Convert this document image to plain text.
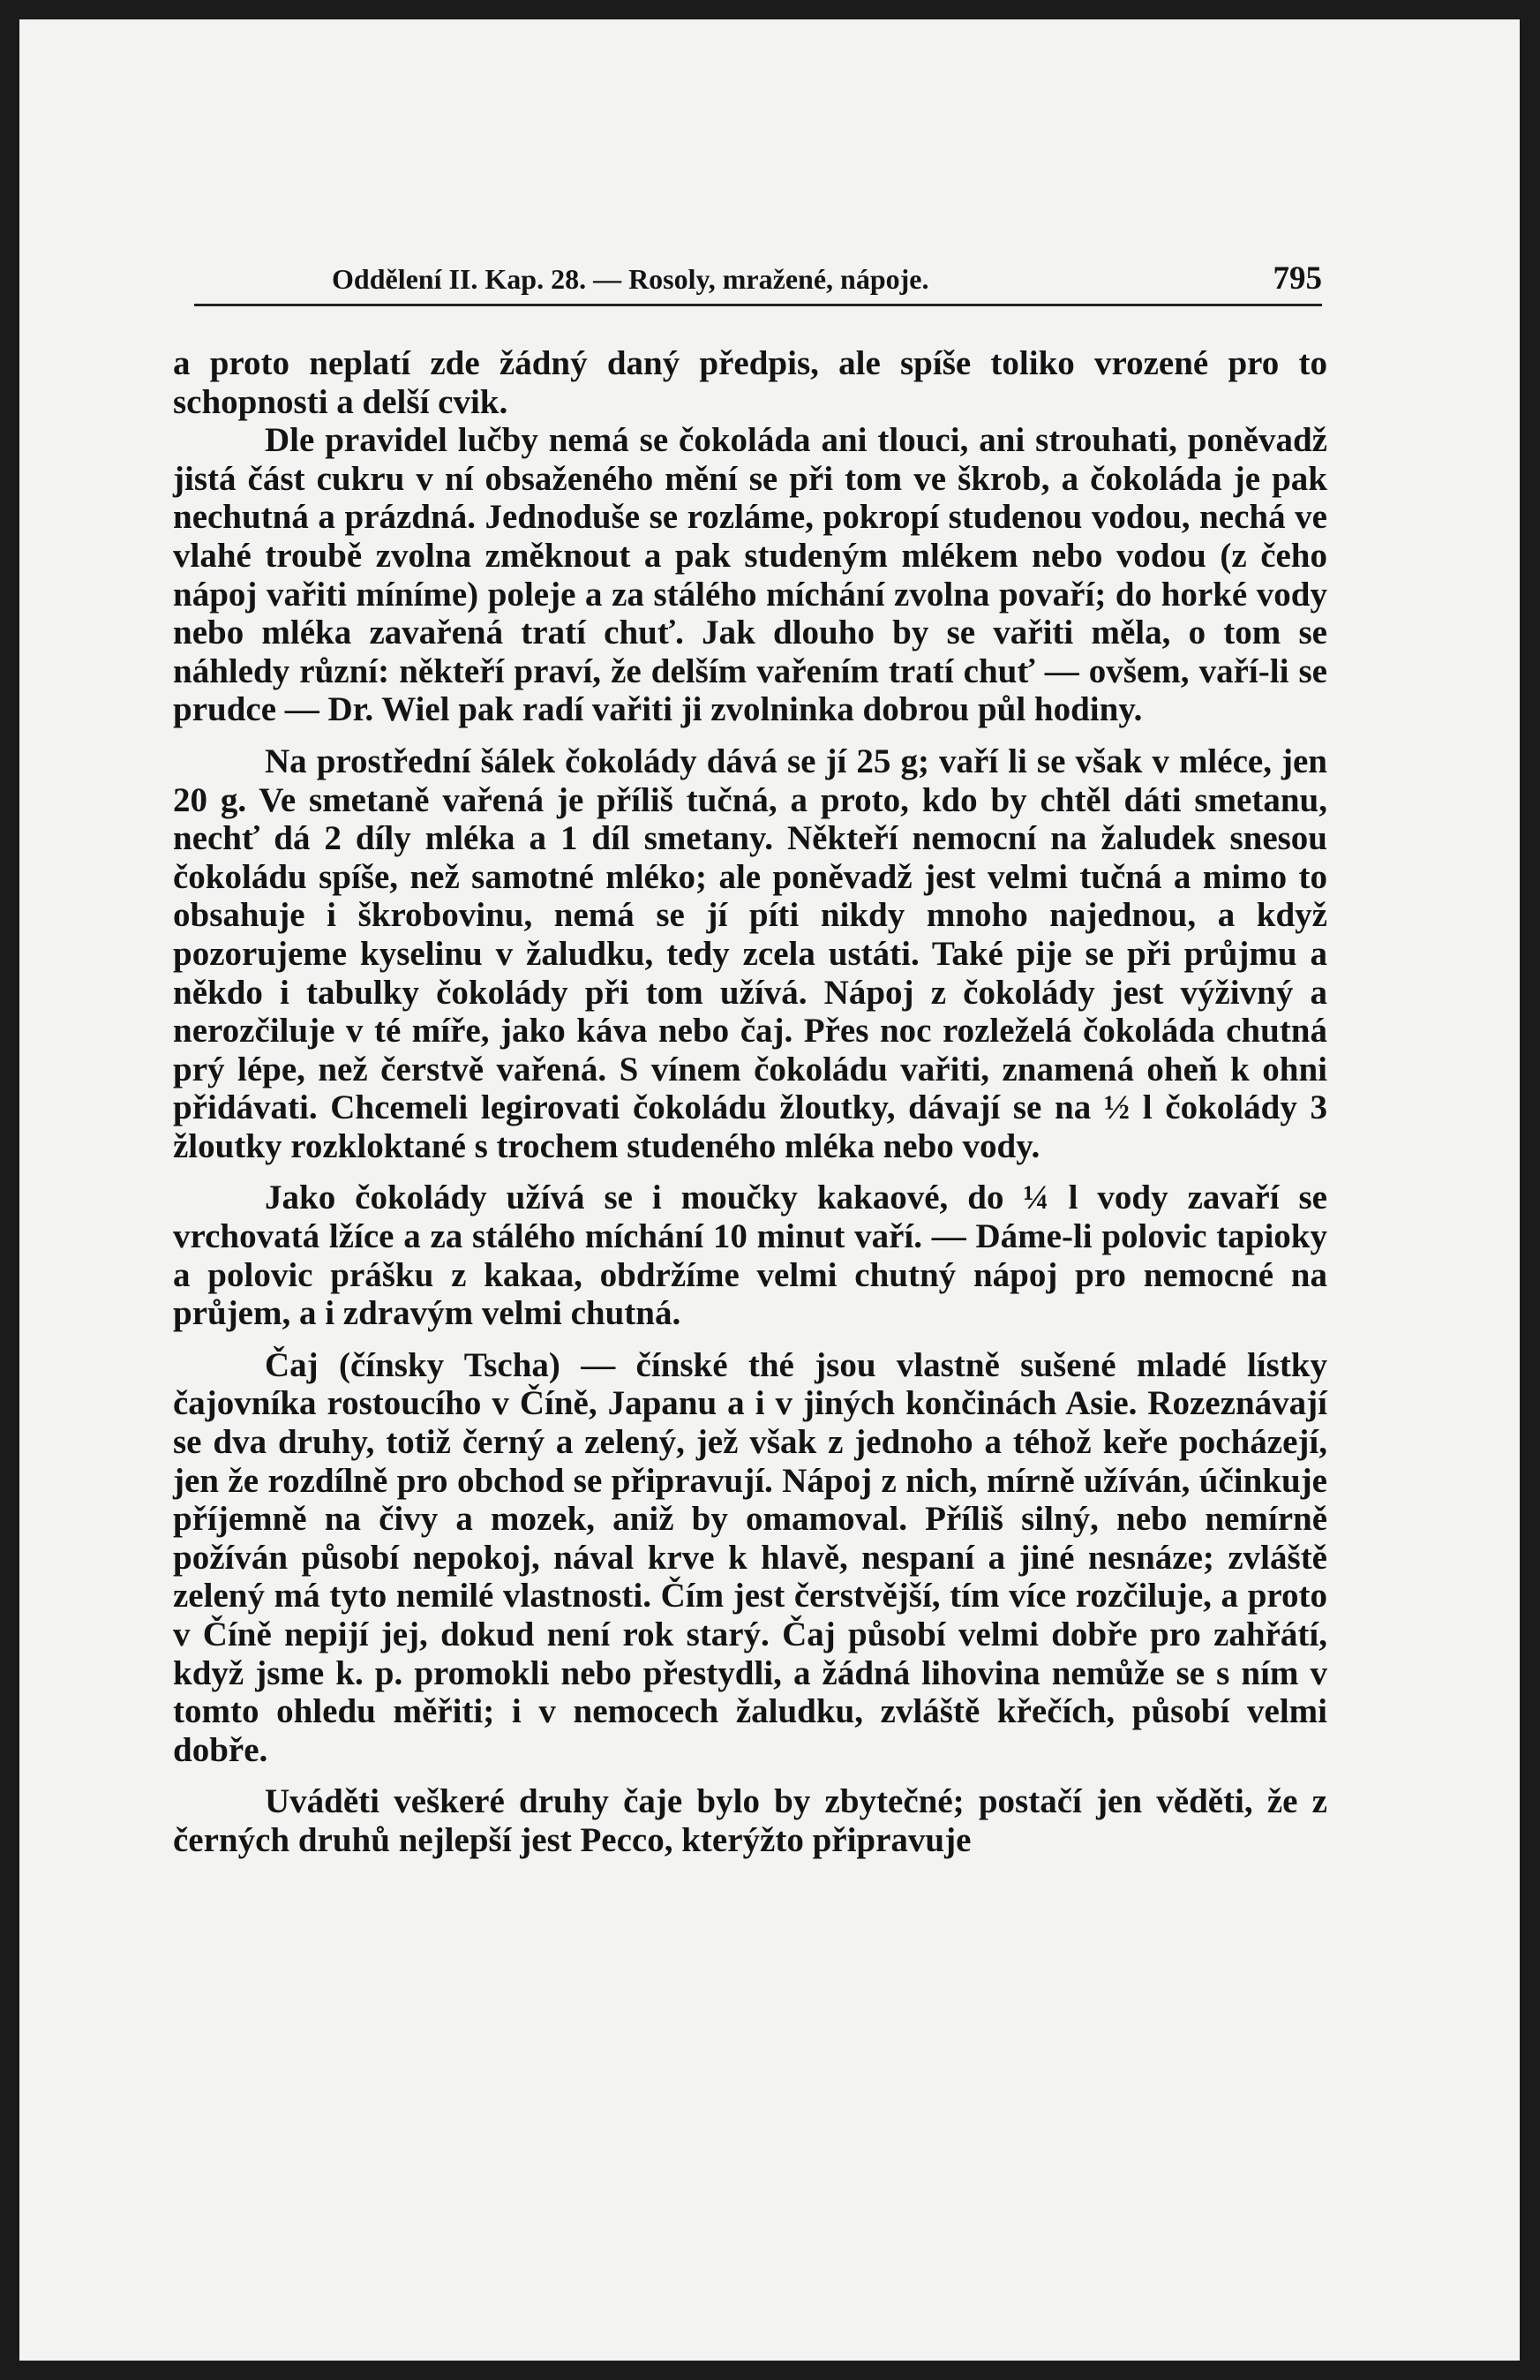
Oddělení II. Kap. 28. — Rosoly, mražené, nápoje.	795

a proto neplatí zde žádný daný předpis, ale spíše toliko vrozené pro to schopnosti a delší cvik.

Dle pravidel lučby nemá se čokoláda ani tlouci, ani strouhati, poněvadž jistá část cukru v ní obsaženého mění se při tom ve škrob, a čokoláda je pak nechutná a prázdná. Jednoduše se rozláme, pokropí studenou vodou, nechá ve vlahé troubě zvolna změknout a pak studeným mlékem nebo vodou (z čeho nápoj vařiti míníme) poleje a za stálého míchání zvolna povaří; do horké vody nebo mléka zavařená tratí chuť. Jak dlouho by se vařiti měla, o tom se náhledy různí: někteří praví, že delším vařením tratí chuť — ovšem, vaří-li se prudce — Dr. Wiel pak radí vařiti ji zvolninka dobrou půl hodiny.

Na prostřední šálek čokolády dává se jí 25 g; vaří li se však v mléce, jen 20 g. Ve smetaně vařená je příliš tučná, a proto, kdo by chtěl dáti smetanu, nechť dá 2 díly mléka a 1 díl smetany. Někteří nemocní na žaludek snesou čokoládu spíše, než samotné mléko; ale poněvadž jest velmi tučná a mimo to obsahuje i škrobovinu, nemá se jí píti nikdy mnoho najednou, a když pozorujeme kyselinu v žaludku, tedy zcela ustáti. Také pije se při průjmu a někdo i tabulky čokolády při tom užívá. Nápoj z čokolády jest výživný a nerozčiluje v té míře, jako káva nebo čaj. Přes noc rozleželá čokoláda chutná prý lépe, než čerstvě vařená. S vínem čokoládu vařiti, znamená oheň k ohni přidávati. Chcemeli legirovati čokoládu žloutky, dávají se na ½ l čokolády 3 žloutky rozkloktané s trochem studeného mléka nebo vody.

Jako čokolády užívá se i moučky kakaové, do ¼ l vody zavaří se vrchovatá lžíce a za stálého míchání 10 minut vaří. — Dáme-li polovic tapioky a polovic prášku z kakaa, obdržíme velmi chutný nápoj pro nemocné na průjem, a i zdravým velmi chutná.

Čaj (čínsky Tscha) — čínské thé jsou vlastně sušené mladé lístky čajovníka rostoucího v Číně, Japanu a i v jiných končinách Asie. Rozeznávají se dva druhy, totiž černý a zelený, jež však z jednoho a téhož keře pocházejí, jen že rozdílně pro obchod se připravují. Nápoj z nich, mírně užíván, účinkuje příjemně na čivy a mozek, aniž by omamoval. Příliš silný, nebo nemírně požíván působí nepokoj, nával krve k hlavě, nespaní a jiné nesnáze; zvláště zelený má tyto nemilé vlastnosti. Čím jest čerstvější, tím více rozčiluje, a proto v Číně nepijí jej, dokud není rok starý. Čaj působí velmi dobře pro zahřátí, když jsme k. p. promokli nebo přestydli, a žádná lihovina nemůže se s ním v tomto ohledu měřiti; i v nemocech žaludku, zvláště křečích, působí velmi dobře.

Uváděti veškeré druhy čaje bylo by zbytečné; postačí jen věděti, že z černých druhů nejlepší jest Pecco, kterýžto připravuje
